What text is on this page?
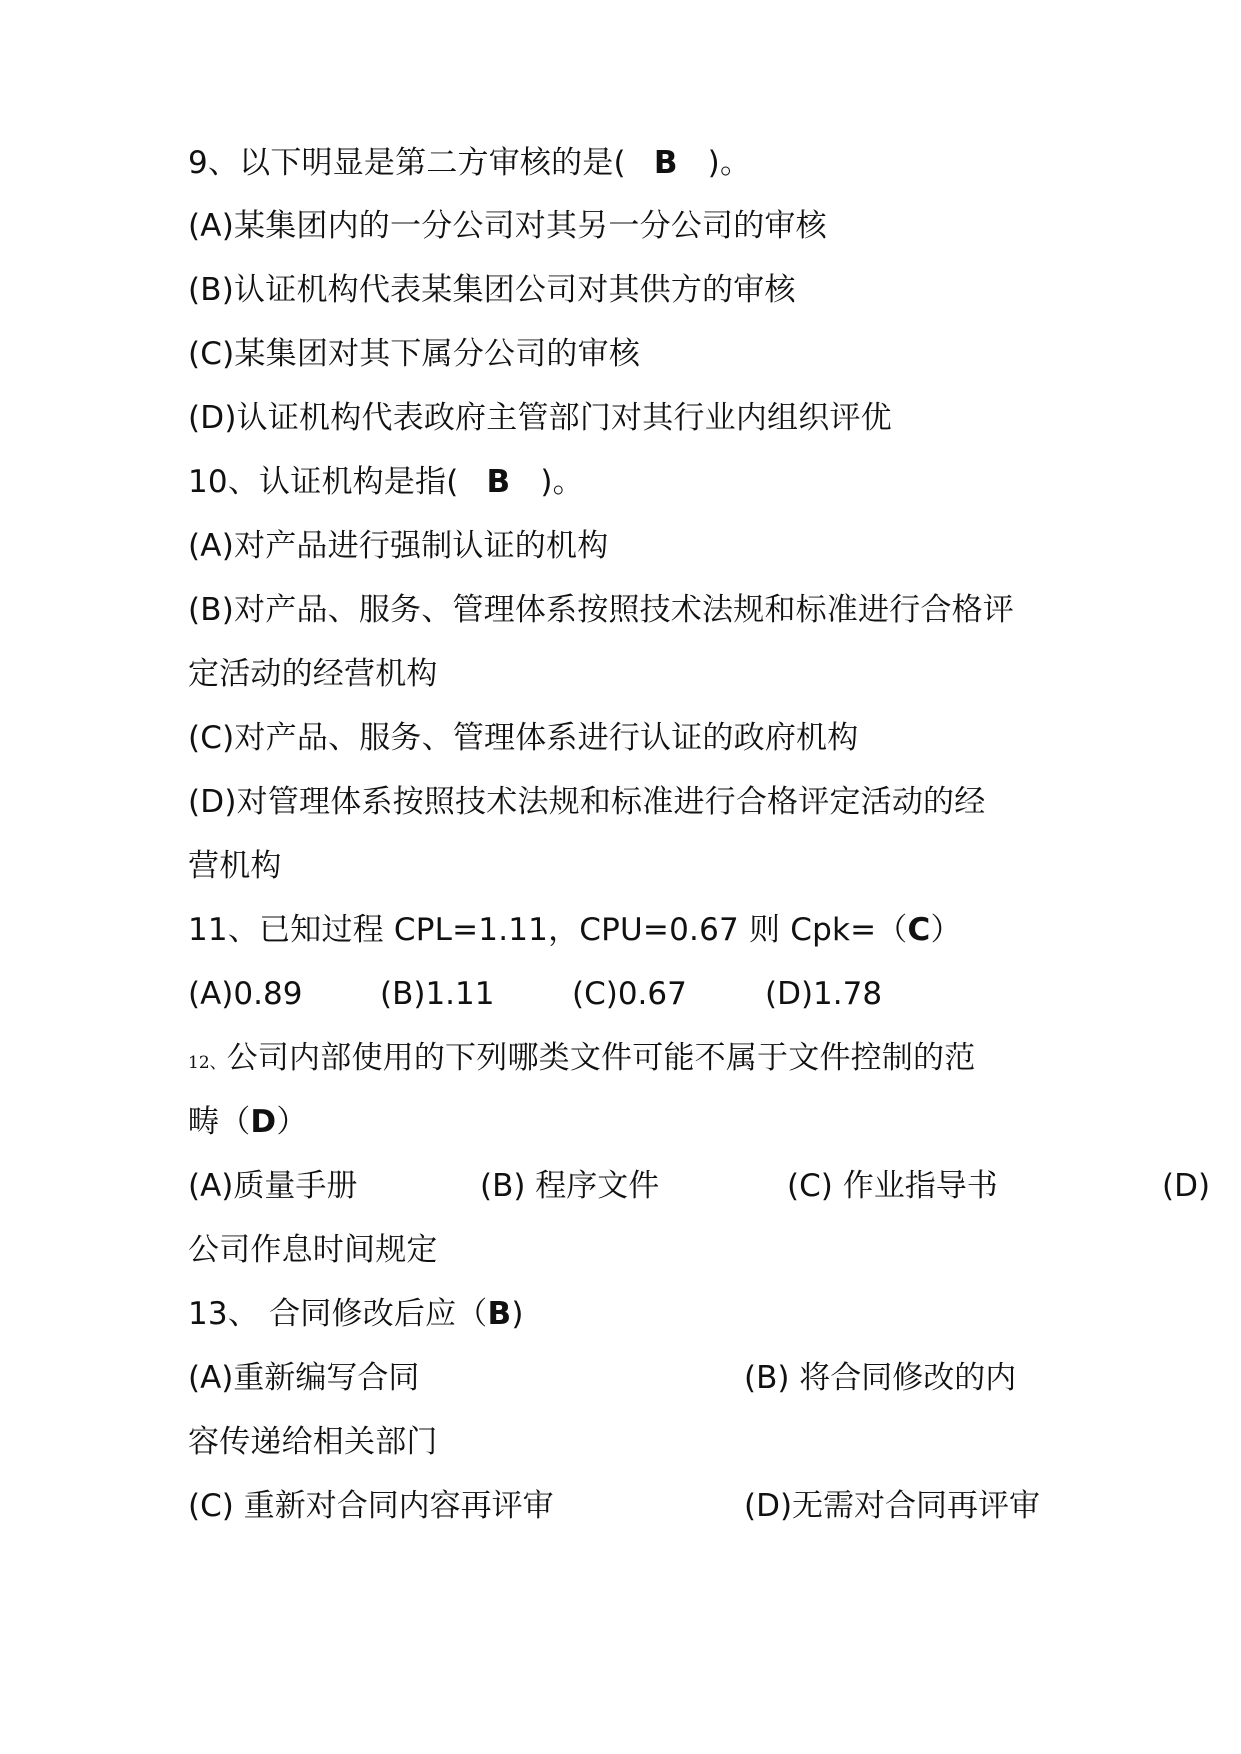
9、以下明显是第二方审核的是( B )。
(A)某集团内的一分公司对其另一分公司的审核
(B)认证机构代表某集团公司对其供方的审核
(C)某集团对其下属分公司的审核
(D)认证机构代表政府主管部门对其行业内组织评优
10、认证机构是指( B )。
(A)对产品进行强制认证的机构
(B)对产品、服务、管理体系按照技术法规和标准进行合格评
定活动的经营机构
(C)对产品、服务、管理体系进行认证的政府机构
(D)对管理体系按照技术法规和标准进行合格评定活动的经
营机构
11、已知过程 CPL=1.11，CPU=0.67 则 Cpk=（C）
(A)0.89	(B)1.11	(C)0.67	(D)1.78
12、公司内部使用的下列哪类文件可能不属于文件控制的范
畴（D）
(A)质量手册	(B) 程序文件	(C) 作业指导书	(D)
公司作息时间规定
13、 合同修改后应（B)
(A)重新编写合同	(B) 将合同修改的内
容传递给相关部门
(C) 重新对合同内容再评审	(D)无需对合同再评审
